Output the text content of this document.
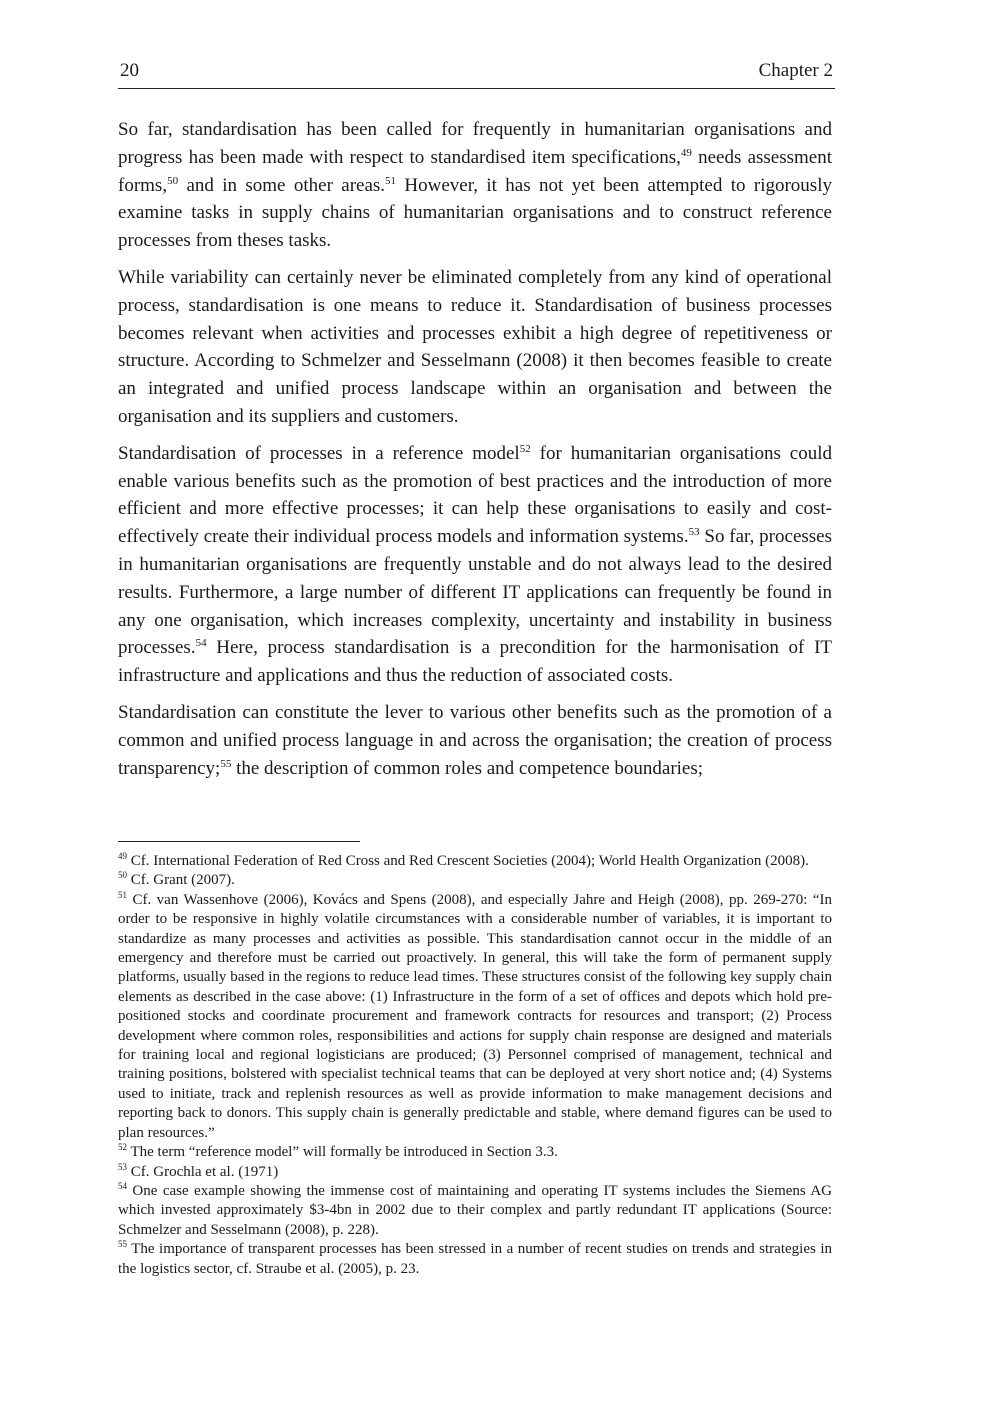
20	Chapter 2

So far, standardisation has been called for frequently in humanitarian organisations and progress has been made with respect to standardised item specifications,$^{49}$ needs assessment forms,$^{50}$ and in some other areas.$^{51}$ However, it has not yet been attempted to rigorously examine tasks in supply chains of humanitarian organisations and to construct reference processes from theses tasks.

While variability can certainly never be eliminated completely from any kind of operational process, standardisation is one means to reduce it. Standardisation of business processes becomes relevant when activities and processes exhibit a high degree of repetitiveness or structure. According to Schmelzer and Sesselmann (2008) it then becomes feasible to create an integrated and unified process landscape within an organisation and between the organisation and its suppliers and customers.

Standardisation of processes in a reference model$^{52}$ for humanitarian organisations could enable various benefits such as the promotion of best practices and the introduction of more efficient and more effective processes; it can help these organisations to easily and cost-effectively create their individual process models and information systems.$^{53}$ So far, processes in humanitarian organisations are frequently unstable and do not always lead to the desired results. Furthermore, a large number of different IT applications can frequently be found in any one organisation, which increases complexity, uncertainty and instability in business processes.$^{54}$ Here, process standardisation is a precondition for the harmonisation of IT infrastructure and applications and thus the reduction of associated costs.

Standardisation can constitute the lever to various other benefits such as the promotion of a common and unified process language in and across the organisation; the creation of process transparency;$^{55}$ the description of common roles and competence boundaries;

$^{49}$ Cf. International Federation of Red Cross and Red Crescent Societies (2004); World Health Organization (2008).

$^{50}$ Cf. Grant (2007).

$^{51}$ Cf. van Wassenhove (2006), Kovács and Spens (2008), and especially Jahre and Heigh (2008), pp. 269-270: “In order to be responsive in highly volatile circumstances with a considerable number of variables, it is important to standardize as many processes and activities as possible. This standardisation cannot occur in the middle of an emergency and therefore must be carried out proactively. In general, this will take the form of permanent supply platforms, usually based in the regions to reduce lead times. These structures consist of the following key supply chain elements as described in the case above: (1) Infrastructure in the form of a set of offices and depots which hold pre-positioned stocks and coordinate procurement and framework contracts for resources and transport; (2) Process development where common roles, responsibilities and actions for supply chain response are designed and materials for training local and regional logisticians are produced; (3) Personnel comprised of management, technical and training positions, bolstered with specialist technical teams that can be deployed at very short notice and; (4) Systems used to initiate, track and replenish resources as well as provide information to make management decisions and reporting back to donors. This supply chain is generally predictable and stable, where demand figures can be used to plan resources.”

$^{52}$ The term “reference model” will formally be introduced in Section 3.3.

$^{53}$ Cf. Grochla et al. (1971)

$^{54}$ One case example showing the immense cost of maintaining and operating IT systems includes the Siemens AG which invested approximately $3-4bn in 2002 due to their complex and partly redundant IT applications (Source: Schmelzer and Sesselmann (2008), p. 228).

$^{55}$ The importance of transparent processes has been stressed in a number of recent studies on trends and strategies in the logistics sector, cf. Straube et al. (2005), p. 23.
